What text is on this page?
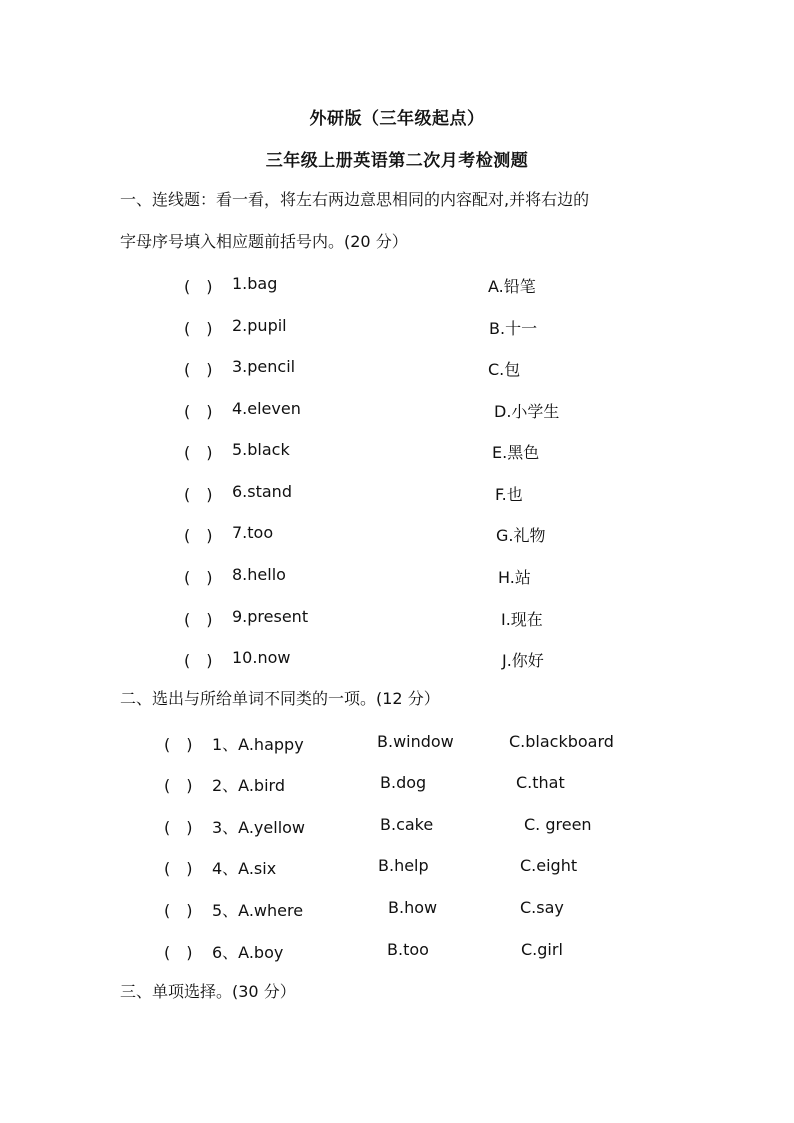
外研版（三年级起点）
三年级上册英语第二次月考检测题
一、连线题：看一看，将左右两边意思相同的内容配对,并将右边的
字母序号填入相应题前括号内。(20 分）
(　) 1.bag	A.铅笔
(　) 2.pupil	B.十一
(　) 3.pencil	C.包
(　) 4.eleven	D.小学生
(　) 5.black	E.黑色
(　) 6.stand	F.也
(　) 7.too	G.礼物
(　) 8.hello	H.站
(　) 9.present	I.现在
(　) 10.now	J.你好
二、选出与所给单词不同类的一项。(12 分）
(　) 1、A.happy	B.window	C.blackboard
(　) 2、A.bird	B.dog	C.that
(　) 3、A.yellow	B.cake	C. green
(　) 4、A.six	B.help	C.eight
(　) 5、A.where	B.how	C.say
(　) 6、A.boy	B.too	C.girl
三、单项选择。(30 分）
